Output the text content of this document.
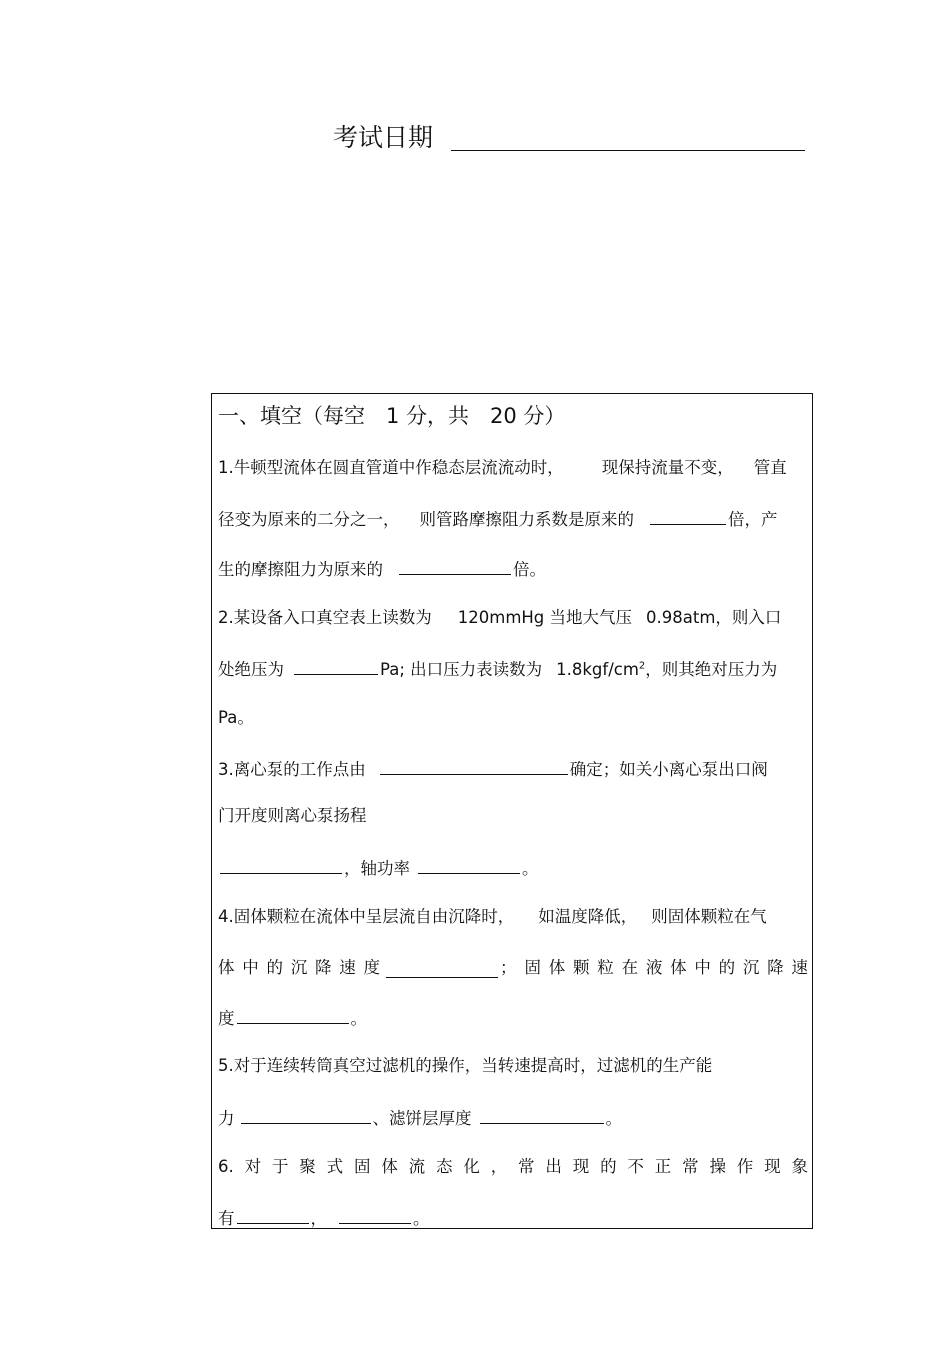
考试日期
一、填空（每空　1 分，共　20 分）
1.牛顿型流体在圆直管道中作稳态层流流动时， 现保持流量不变， 管直
径变为原来的二分之一， 则管路摩擦阻力系数是原来的	倍，产
生的摩擦阻力为原来的	倍。
2.某设备入口真空表上读数为 120mmHg 当地大气压 0.98atm，则入口
处绝压为	Pa; 出口压力表读数为 $1.8kgf/cm^2$，则其绝对压力为
Pa。
3.离心泵的工作点由	确定；如关小离心泵出口阀
门开度则离心泵扬程
，轴功率	。
4.固体颗粒在流体中呈层流自由沉降时， 如温度降低， 则固体颗粒在气
体 中 的 沉 降 速 度	； 固 体 颗 粒 在 液 体 中 的 沉 降 速
度	。
5.对于连续转筒真空过滤机的操作，当转速提高时，过滤机的生产能
力	、滤饼层厚度	。
6. 对 于 聚 式 固 体 流 态 化 ， 常 出 现 的 不 正 常 操 作 现 象
有	，	。
